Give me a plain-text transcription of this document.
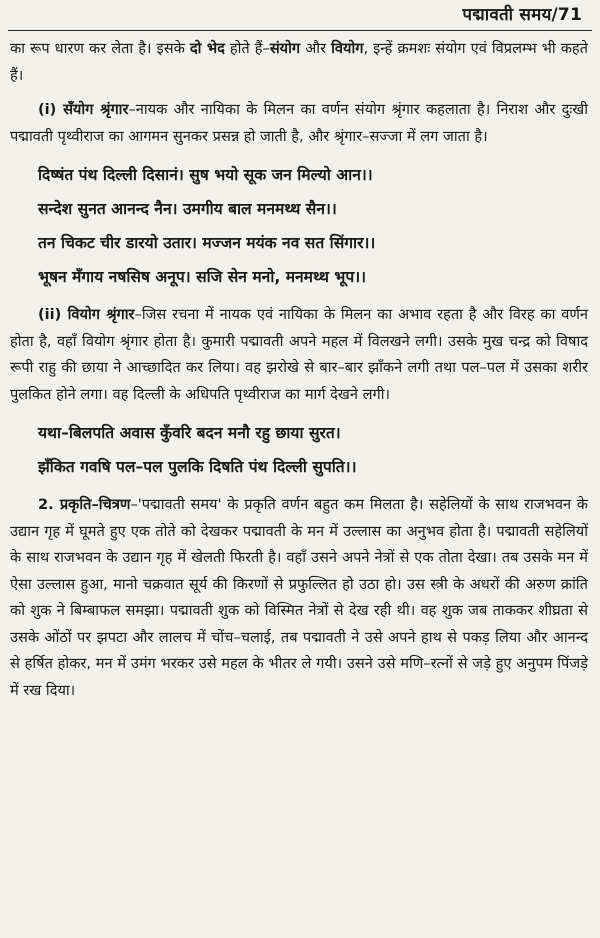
पद्मावती समय/71

का रूप धारण कर लेता है। इसके दो भेद होते हैं–संयोग और वियोग, इन्हें क्रमशः संयोग एवं विप्रलम्भ भी कहते हैं।

(i) सँयोग श्रृंगार–नायक और नायिका के मिलन का वर्णन संयोग श्रृंगार कहलाता है। निराश और दुःखी पद्मावती पृथ्वीराज का आगमन सुनकर प्रसन्न हो जाती है, और श्रृंगार–सज्जा में लग जाता है।

दिष्षंत पंथ दिल्ली दिसानं। सुष भयो सूक जन मिल्यो आन।।
सन्देश सुनत आनन्द नैन। उमगीय बाल मनमथ्थ सैन।।
तन चिकट चीर डारयो उतार। मज्जन मयंक नव सत सिंगार।।
भूषन मँगाय नषसिष अनूप। सजि सेन मनो, मनमथ्थ भूप।।

(ii) वियोग श्रृंगार–जिस रचना में नायक एवं नायिका के मिलन का अभाव रहता है और विरह का वर्णन होता है, वहाँ वियोग श्रृंगार होता है। कुमारी पद्मावती अपने महल में विलखने लगी। उसके मुख चन्द्र को विषाद रूपी राहु की छाया ने आच्छादित कर लिया। वह झरोखे से बार–बार झाँकने लगी तथा पल–पल में उसका शरीर पुलकित होने लगा। वह दिल्ली के अधिपति पृथ्वीराज का मार्ग देखने लगी।

यथा–बिलपति अवास कुँवरि बदन मनौ रहु छाया सुरत।
झँकित गवषि पल–पल पुलकि दिषति पंथ दिल्ली सुपति।।

2. प्रकृति–चित्रण–'पद्मावती समय' के प्रकृति वर्णन बहुत कम मिलता है। सहेलियों के साथ राजभवन के उद्यान गृह में घूमते हुए एक तोते को देखकर पद्मावती के मन में उल्लास का अनुभव होता है। पद्मावती सहेलियों के साथ राजभवन के उद्यान गृह में खेलती फिरती है। वहाँ उसने अपने नेत्रों से एक तोता देखा। तब उसके मन में ऐसा उल्लास हुआ, मानो चक्रवात सूर्य की किरणों से प्रफुल्लित हो उठा हो। उस स्त्री के अधरों की अरुण क्रांति को शुक ने बिम्बाफल समझा। पद्मावती शुक को विस्मित नेत्रों से देख रही थी। वह शुक जब ताककर शीघ्रता से उसके ओंठों पर झपटा और लालच में चोंच–चलाई, तब पद्मावती ने उसे अपने हाथ से पकड़ लिया और आनन्द से हर्षित होकर, मन में उमंग भरकर उसे महल के भीतर ले गयी। उसने उसे मणि–रत्नों से जड़े हुए अनुपम पिंजड़े में रख दिया।
